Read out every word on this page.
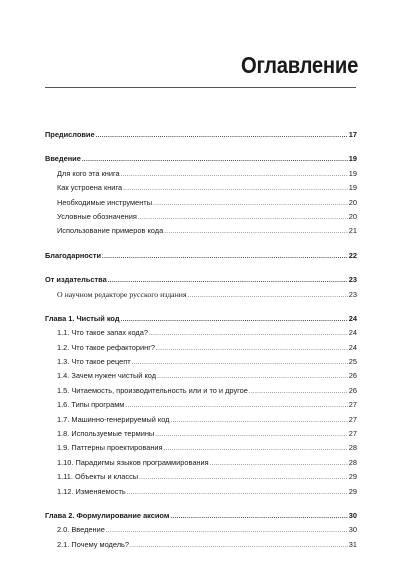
Оглавление
Предисловие .....	17
Введение .....	19
Для кого эта книга .....	19
Как устроена книга .....	19
Необходимые инструменты .....	20
Условные обозначения .....	20
Использование примеров кода .....	21
Благодарности .....	22
От издательства .....	23
О научном редакторе русского издания .....	23
Глава 1. Чистый код .....	24
1.1. Что такое запах кода? .....	24
1.2. Что такое рефакторинг? .....	24
1.3. Что такое рецепт .....	25
1.4. Зачем нужен чистый код .....	26
1.5. Читаемость, производительность или и то и другое .....	26
1.6. Типы программ .....	27
1.7. Машинно-генерируемый код .....	27
1.8. Используемые термины .....	27
1.9. Паттерны проектирования .....	28
1.10. Парадигмы языков программирования .....	28
1.11. Объекты и классы .....	29
1.12. Изменяемость .....	29
Глава 2. Формулирование аксиом .....	30
2.0. Введение .....	30
2.1. Почему модель? .....	31
